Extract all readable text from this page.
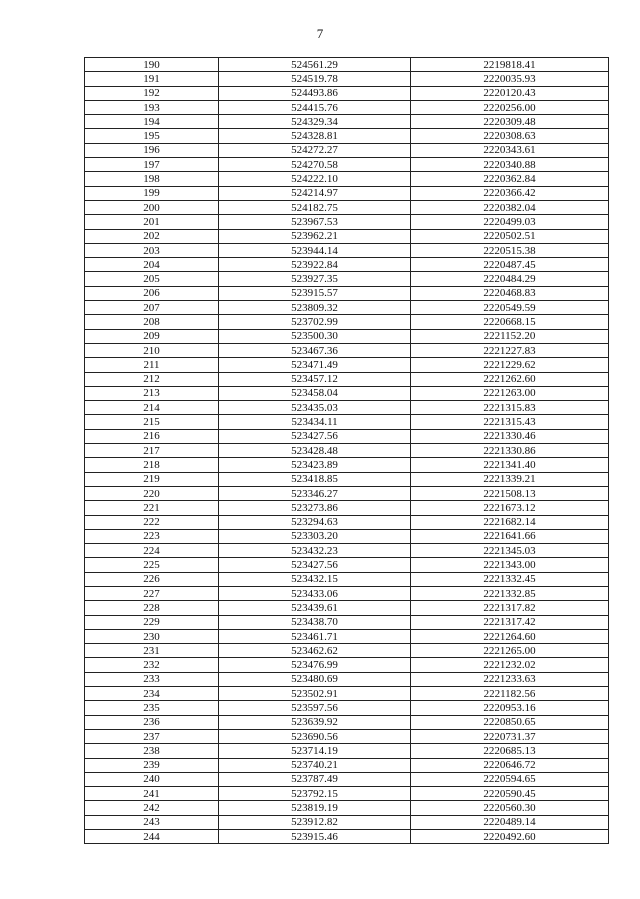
7
190	524561.29	2219818.41
191	524519.78	2220035.93
192	524493.86	2220120.43
193	524415.76	2220256.00
194	524329.34	2220309.48
195	524328.81	2220308.63
196	524272.27	2220343.61
197	524270.58	2220340.88
198	524222.10	2220362.84
199	524214.97	2220366.42
200	524182.75	2220382.04
201	523967.53	2220499.03
202	523962.21	2220502.51
203	523944.14	2220515.38
204	523922.84	2220487.45
205	523927.35	2220484.29
206	523915.57	2220468.83
207	523809.32	2220549.59
208	523702.99	2220668.15
209	523500.30	2221152.20
210	523467.36	2221227.83
211	523471.49	2221229.62
212	523457.12	2221262.60
213	523458.04	2221263.00
214	523435.03	2221315.83
215	523434.11	2221315.43
216	523427.56	2221330.46
217	523428.48	2221330.86
218	523423.89	2221341.40
219	523418.85	2221339.21
220	523346.27	2221508.13
221	523273.86	2221673.12
222	523294.63	2221682.14
223	523303.20	2221641.66
224	523432.23	2221345.03
225	523427.56	2221343.00
226	523432.15	2221332.45
227	523433.06	2221332.85
228	523439.61	2221317.82
229	523438.70	2221317.42
230	523461.71	2221264.60
231	523462.62	2221265.00
232	523476.99	2221232.02
233	523480.69	2221233.63
234	523502.91	2221182.56
235	523597.56	2220953.16
236	523639.92	2220850.65
237	523690.56	2220731.37
238	523714.19	2220685.13
239	523740.21	2220646.72
240	523787.49	2220594.65
241	523792.15	2220590.45
242	523819.19	2220560.30
243	523912.82	2220489.14
244	523915.46	2220492.60
